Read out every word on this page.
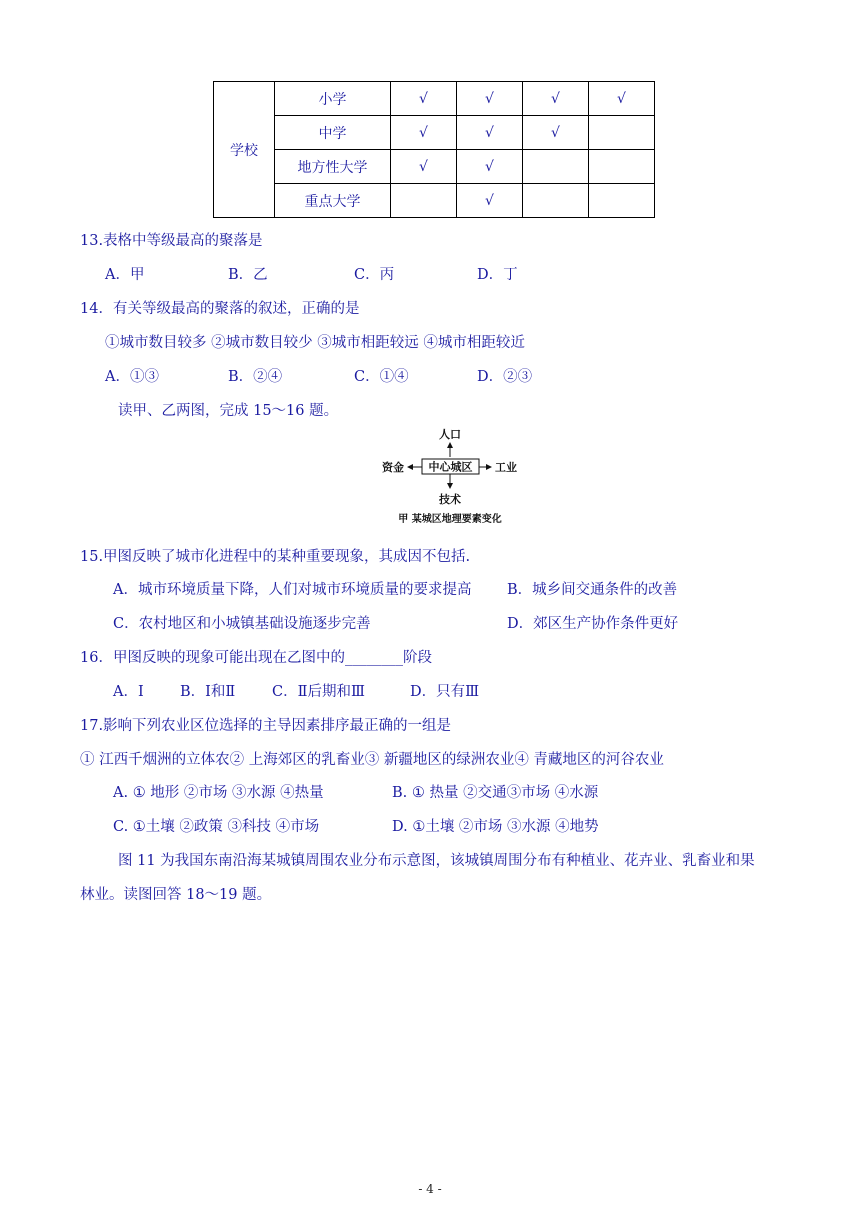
学校	小学	√	√	√	√
	中学	√	√	√	
	地方性大学	√	√		
	重点大学		√		
13.表格中等级最高的聚落是
A．甲	B．乙	C．丙	D．丁
14．有关等级最高的聚落的叙述，正确的是
①城市数目较多 ②城市数目较少 ③城市相距较远 ④城市相距较近
A．①③	B．②④	C．①④	D．②③
读甲、乙两图，完成 15～16 题。
人口
中心城区
资金	工业
技术
甲 某城区地理要素变化
15.甲图反映了城市化进程中的某种重要现象，其成因不包括.
A．城市环境质量下降，人们对城市环境质量的要求提高 B．城乡间交通条件的改善
C．农村地区和小城镇基础设施逐步完善	D．郊区生产协作条件更好
16．甲图反映的现象可能出现在乙图中的________阶段
A．Ⅰ	B．Ⅰ和Ⅱ	C．Ⅱ后期和Ⅲ	D．只有Ⅲ
17.影响下列农业区位选择的主导因素排序最正确的一组是
① 江西千烟洲的立体农② 上海郊区的乳畜业③ 新疆地区的绿洲农业④ 青藏地区的河谷农业
A. ① 地形 ②市场 ③水源 ④热量	B. ① 热量 ②交通③市场 ④水源
C. ①土壤 ②政策 ③科技 ④市场	D. ①土壤 ②市场 ③水源 ④地势
图 11 为我国东南沿海某城镇周围农业分布示意图，该城镇周围分布有种植业、花卉业、乳畜业和果
林业。读图回答 18～19 题。
- 4 -
